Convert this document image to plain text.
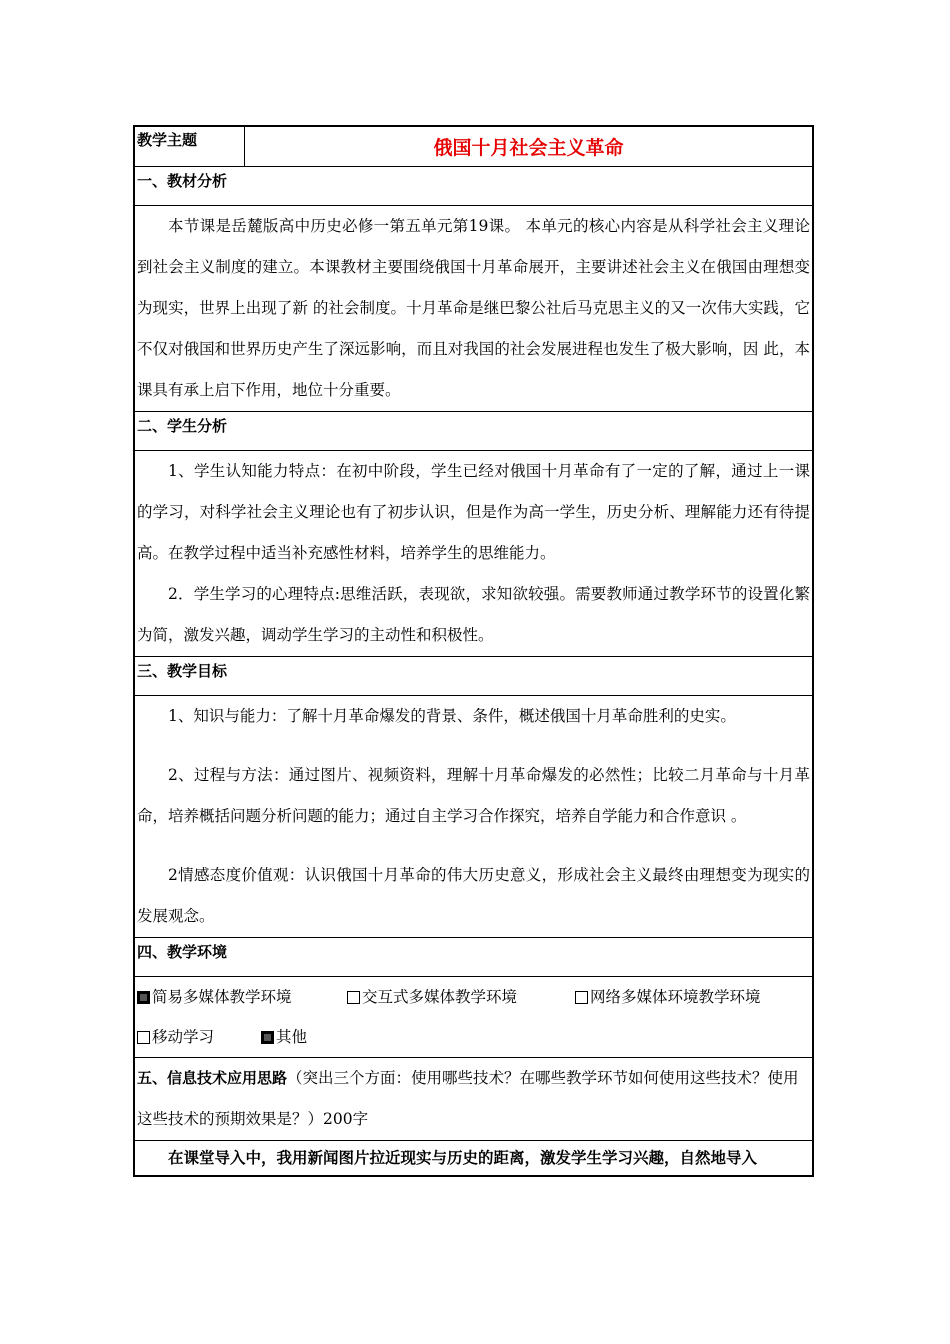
教学主题	俄国十月社会主义革命
一、教材分析

本节课是岳麓版高中历史必修一第五单元第19课。 本单元的核心内容是从科学社会主义理论到社会主义制度的建立。本课教材主要围绕俄国十月革命展开，主要讲述社会主义在俄国由理想变为现实，世界上出现了新 的社会制度。十月革命是继巴黎公社后马克思主义的又一次伟大实践，它不仅对俄国和世界历史产生了深远影响，而且对我国的社会发展进程也发生了极大影响，因 此，本课具有承上启下作用，地位十分重要。

二、学生分析

1、学生认知能力特点：在初中阶段，学生已经对俄国十月革命有了一定的了解，通过上一课的学习，对科学社会主义理论也有了初步认识，但是作为高一学生，历史分析、理解能力还有待提高。在教学过程中适当补充感性材料，培养学生的思维能力。

2．学生学习的心理特点:思维活跃，表现欲，求知欲较强。需要教师通过教学环节的设置化繁为简，激发兴趣，调动学生学习的主动性和积极性。

三、教学目标

1、知识与能力：了解十月革命爆发的背景、条件，概述俄国十月革命胜利的史实。

2、过程与方法：通过图片、视频资料，理解十月革命爆发的必然性；比较二月革命与十月革命，培养概括问题分析问题的能力；通过自主学习合作探究，培养自学能力和合作意识 。

2情感态度价值观：认识俄国十月革命的伟大历史意义，形成社会主义最终由理想变为现实的发展观念。

四、教学环境
简易多媒体教学环境	交互式多媒体教学环境	网络多媒体环境教学环境
移动学习	其他
五、信息技术应用思路（突出三个方面：使用哪些技术？在哪些教学环节如何使用这些技术？使用这些技术的预期效果是？）200字
在课堂导入中，我用新闻图片拉近现实与历史的距离，激发学生学习兴趣，自然地导入
